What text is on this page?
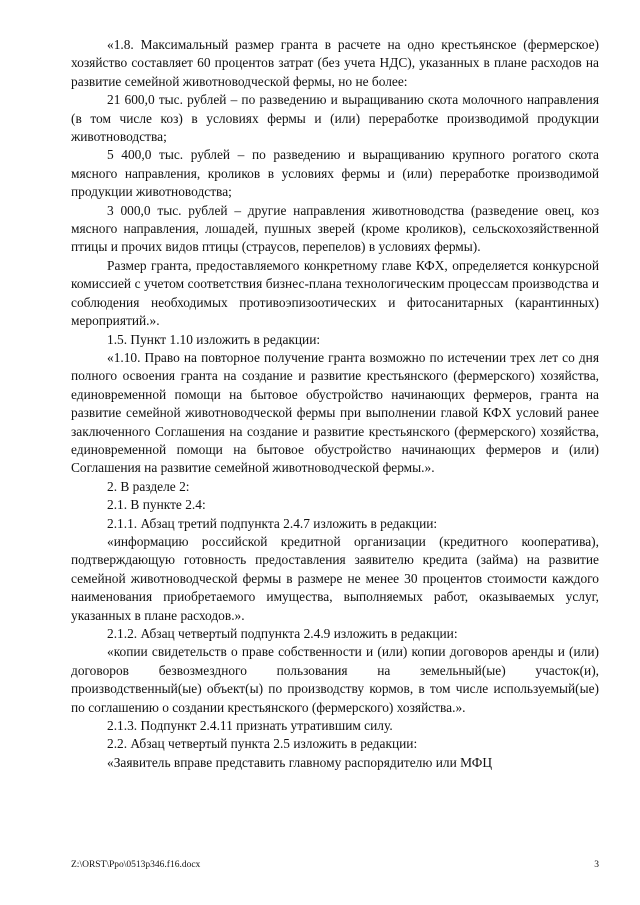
«1.8. Максимальный размер гранта в расчете на одно крестьянское (фермерское) хозяйство составляет 60 процентов затрат (без учета НДС), указанных в плане расходов на развитие семейной животноводческой фермы, но не более:

21 600,0 тыс. рублей – по разведению и выращиванию скота молочного направления (в том числе коз) в условиях фермы и (или) переработке производимой продукции животноводства;

5 400,0 тыс. рублей – по разведению и выращиванию крупного рогатого скота мясного направления, кроликов в условиях фермы и (или) переработке производимой продукции животноводства;

3 000,0 тыс. рублей – другие направления животноводства (разведение овец, коз мясного направления, лошадей, пушных зверей (кроме кроликов), сельскохозяйственной птицы и прочих видов птицы (страусов, перепелов) в условиях фермы).

Размер гранта, предоставляемого конкретному главе КФХ, определяется конкурсной комиссией с учетом соответствия бизнес-плана технологическим процессам производства и соблюдения необходимых противоэпизоотических и фитосанитарных (карантинных) мероприятий.».

1.5. Пункт 1.10 изложить в редакции:

«1.10. Право на повторное получение гранта возможно по истечении трех лет со дня полного освоения гранта на создание и развитие крестьянского (фермерского) хозяйства, единовременной помощи на бытовое обустройство начинающих фермеров, гранта на развитие семейной животноводческой фермы при выполнении главой КФХ условий ранее заключенного Соглашения на создание и развитие крестьянского (фермерского) хозяйства, единовременной помощи на бытовое обустройство начинающих фермеров и (или) Соглашения на развитие семейной животноводческой фермы.».

2. В разделе 2:

2.1. В пункте 2.4:

2.1.1. Абзац третий подпункта 2.4.7 изложить в редакции:

«информацию российской кредитной организации (кредитного кооператива), подтверждающую готовность предоставления заявителю кредита (займа) на развитие семейной животноводческой фермы в размере не менее 30 процентов стоимости каждого наименования приобретаемого имущества, выполняемых работ, оказываемых услуг, указанных в плане расходов.».

2.1.2. Абзац четвертый подпункта 2.4.9 изложить в редакции:

«копии свидетельств о праве собственности и (или) копии договоров аренды и (или) договоров безвозмездного пользования на земельный(ые) участок(и), производственный(ые) объект(ы) по производству кормов, в том числе используемый(ые) по соглашению о создании крестьянского (фермерского) хозяйства.».

2.1.3. Подпункт 2.4.11 признать утратившим силу.

2.2. Абзац четвертый пункта 2.5 изложить в редакции:

«Заявитель вправе представить главному распорядителю или МФЦ

Z:\ORST\Ppo\0513p346.f16.docx	3
